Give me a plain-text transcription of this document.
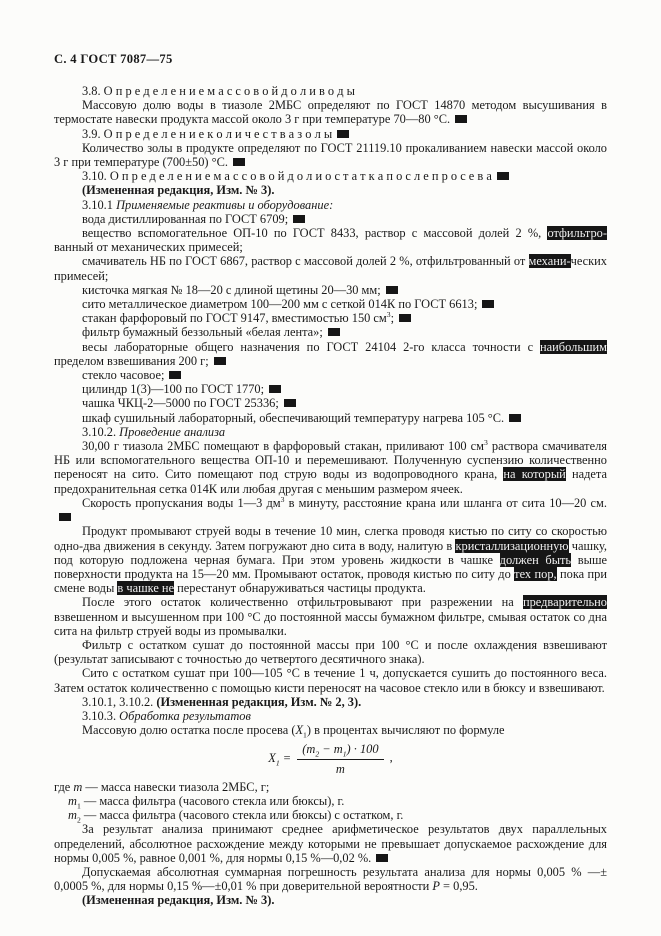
С. 4 ГОСТ 7087—75
3.8. О п р е д е л е н и е м а с с о в о й д о л и в о д ы
Массовую долю воды в тиазоле 2МБС определяют по ГОСТ 14870 методом высушивания в термостате навески продукта массой около 3 г при температуре 70—80 °С.
3.9. О п р е д е л е н и е к о л и ч е с т в а з о л ы
Количество золы в продукте определяют по ГОСТ 21119.10 прокаливанием навески массой около 3 г при температуре (700±50) °С.
3.10. О п р е д е л е н и е м а с с о в о й д о л и о с т а т к а п о с л е п р о с е в а
(Измененная редакция, Изм. № 3).
3.10.1 Применяемые реактивы и оборудование:
вода дистиллированная по ГОСТ 6709;
вещество вспомогательное ОП-10 по ГОСТ 8433, раствор с массовой долей 2 %, отфильтро-ванный от механических примесей;
смачиватель НБ по ГОСТ 6867, раствор с массовой долей 2 %, отфильтрованный от механи-ческих примесей;
кисточка мягкая № 18—20 с длиной щетины 20—30 мм;
сито металлическое диаметром 100—200 мм с сеткой 014К по ГОСТ 6613;
стакан фарфоровый по ГОСТ 9147, вместимостью 150 $см^3$;
фильтр бумажный беззольный «белая лента»;
весы лабораторные общего назначения по ГОСТ 24104 2-го класса точности с наибольшим пределом взвешивания 200 г;
стекло часовое;
цилиндр 1(3)—100 по ГОСТ 1770;
чашка ЧКЦ-2—5000 по ГОСТ 25336;
шкаф сушильный лабораторный, обеспечивающий температуру нагрева 105 °С.
3.10.2. Проведение анализа
30,00 г тиазола 2МБС помещают в фарфоровый стакан, приливают 100 $см^3$ раствора смачивателя НБ или вспомогательного вещества ОП-10 и перемешивают. Полученную суспензию количественно переносят на сито. Сито помещают под струю воды из водопроводного крана, на который надета предохранительная сетка 014К или любая другая с меньшим размером ячеек.
Скорость пропускания воды 1—3 $дм^3$ в минуту, расстояние крана или шланга от сита 10—20 см.
Продукт промывают струей воды в течение 10 мин, слегка проводя кистью по ситу со скоростью одно-два движения в секунду. Затем погружают дно сита в воду, налитую в кристаллизационную чашку, под которую подложена черная бумага. При этом уровень жидкости в чашке должен быть выше поверхности продукта на 15—20 мм. Промывают остаток, проводя кистью по ситу до тех пор, пока при смене воды в чашке не перестанут обнаруживаться частицы продукта.
После этого остаток количественно отфильтровывают при разрежении на предварительно взвешенном и высушенном при 100 °С до постоянной массы бумажном фильтре, смывая остаток со дна сита на фильтр струей воды из промывалки.
Фильтр с остатком сушат до постоянной массы при 100 °С и после охлаждения взвешивают (результат записывают с точностью до четвертого десятичного знака).
Сито с остатком сушат при 100—105 °С в течение 1 ч, допускается сушить до постоянного веса. Затем остаток количественно с помощью кисти переносят на часовое стекло или в бюксу и взвешивают.
3.10.1, 3.10.2. (Измененная редакция, Изм. № 2, 3).
3.10.3. Обработка результатов
Массовую долю остатка после просева $(X_1)$ в процентах вычисляют по формуле
$X_1 = \frac{(m_2 - m_1) \cdot 100}{m}$ ,
где m — масса навески тиазола 2МБС, г;
$m_1$ — масса фильтра (часового стекла или бюксы), г.
$m_2$ — масса фильтра (часового стекла или бюксы) с остатком, г.
За результат анализа принимают среднее арифметическое результатов двух параллельных определений, абсолютное расхождение между которыми не превышает допускаемое расхождение для нормы 0,005 %, равное 0,001 %, для нормы 0,15 %—0,02 %.
Допускаемая абсолютная суммарная погрешность результата анализа для нормы 0,005 % —± 0,0005 %, для нормы 0,15 %—±0,01 % при доверительной вероятности P = 0,95.
(Измененная редакция, Изм. № 3).
